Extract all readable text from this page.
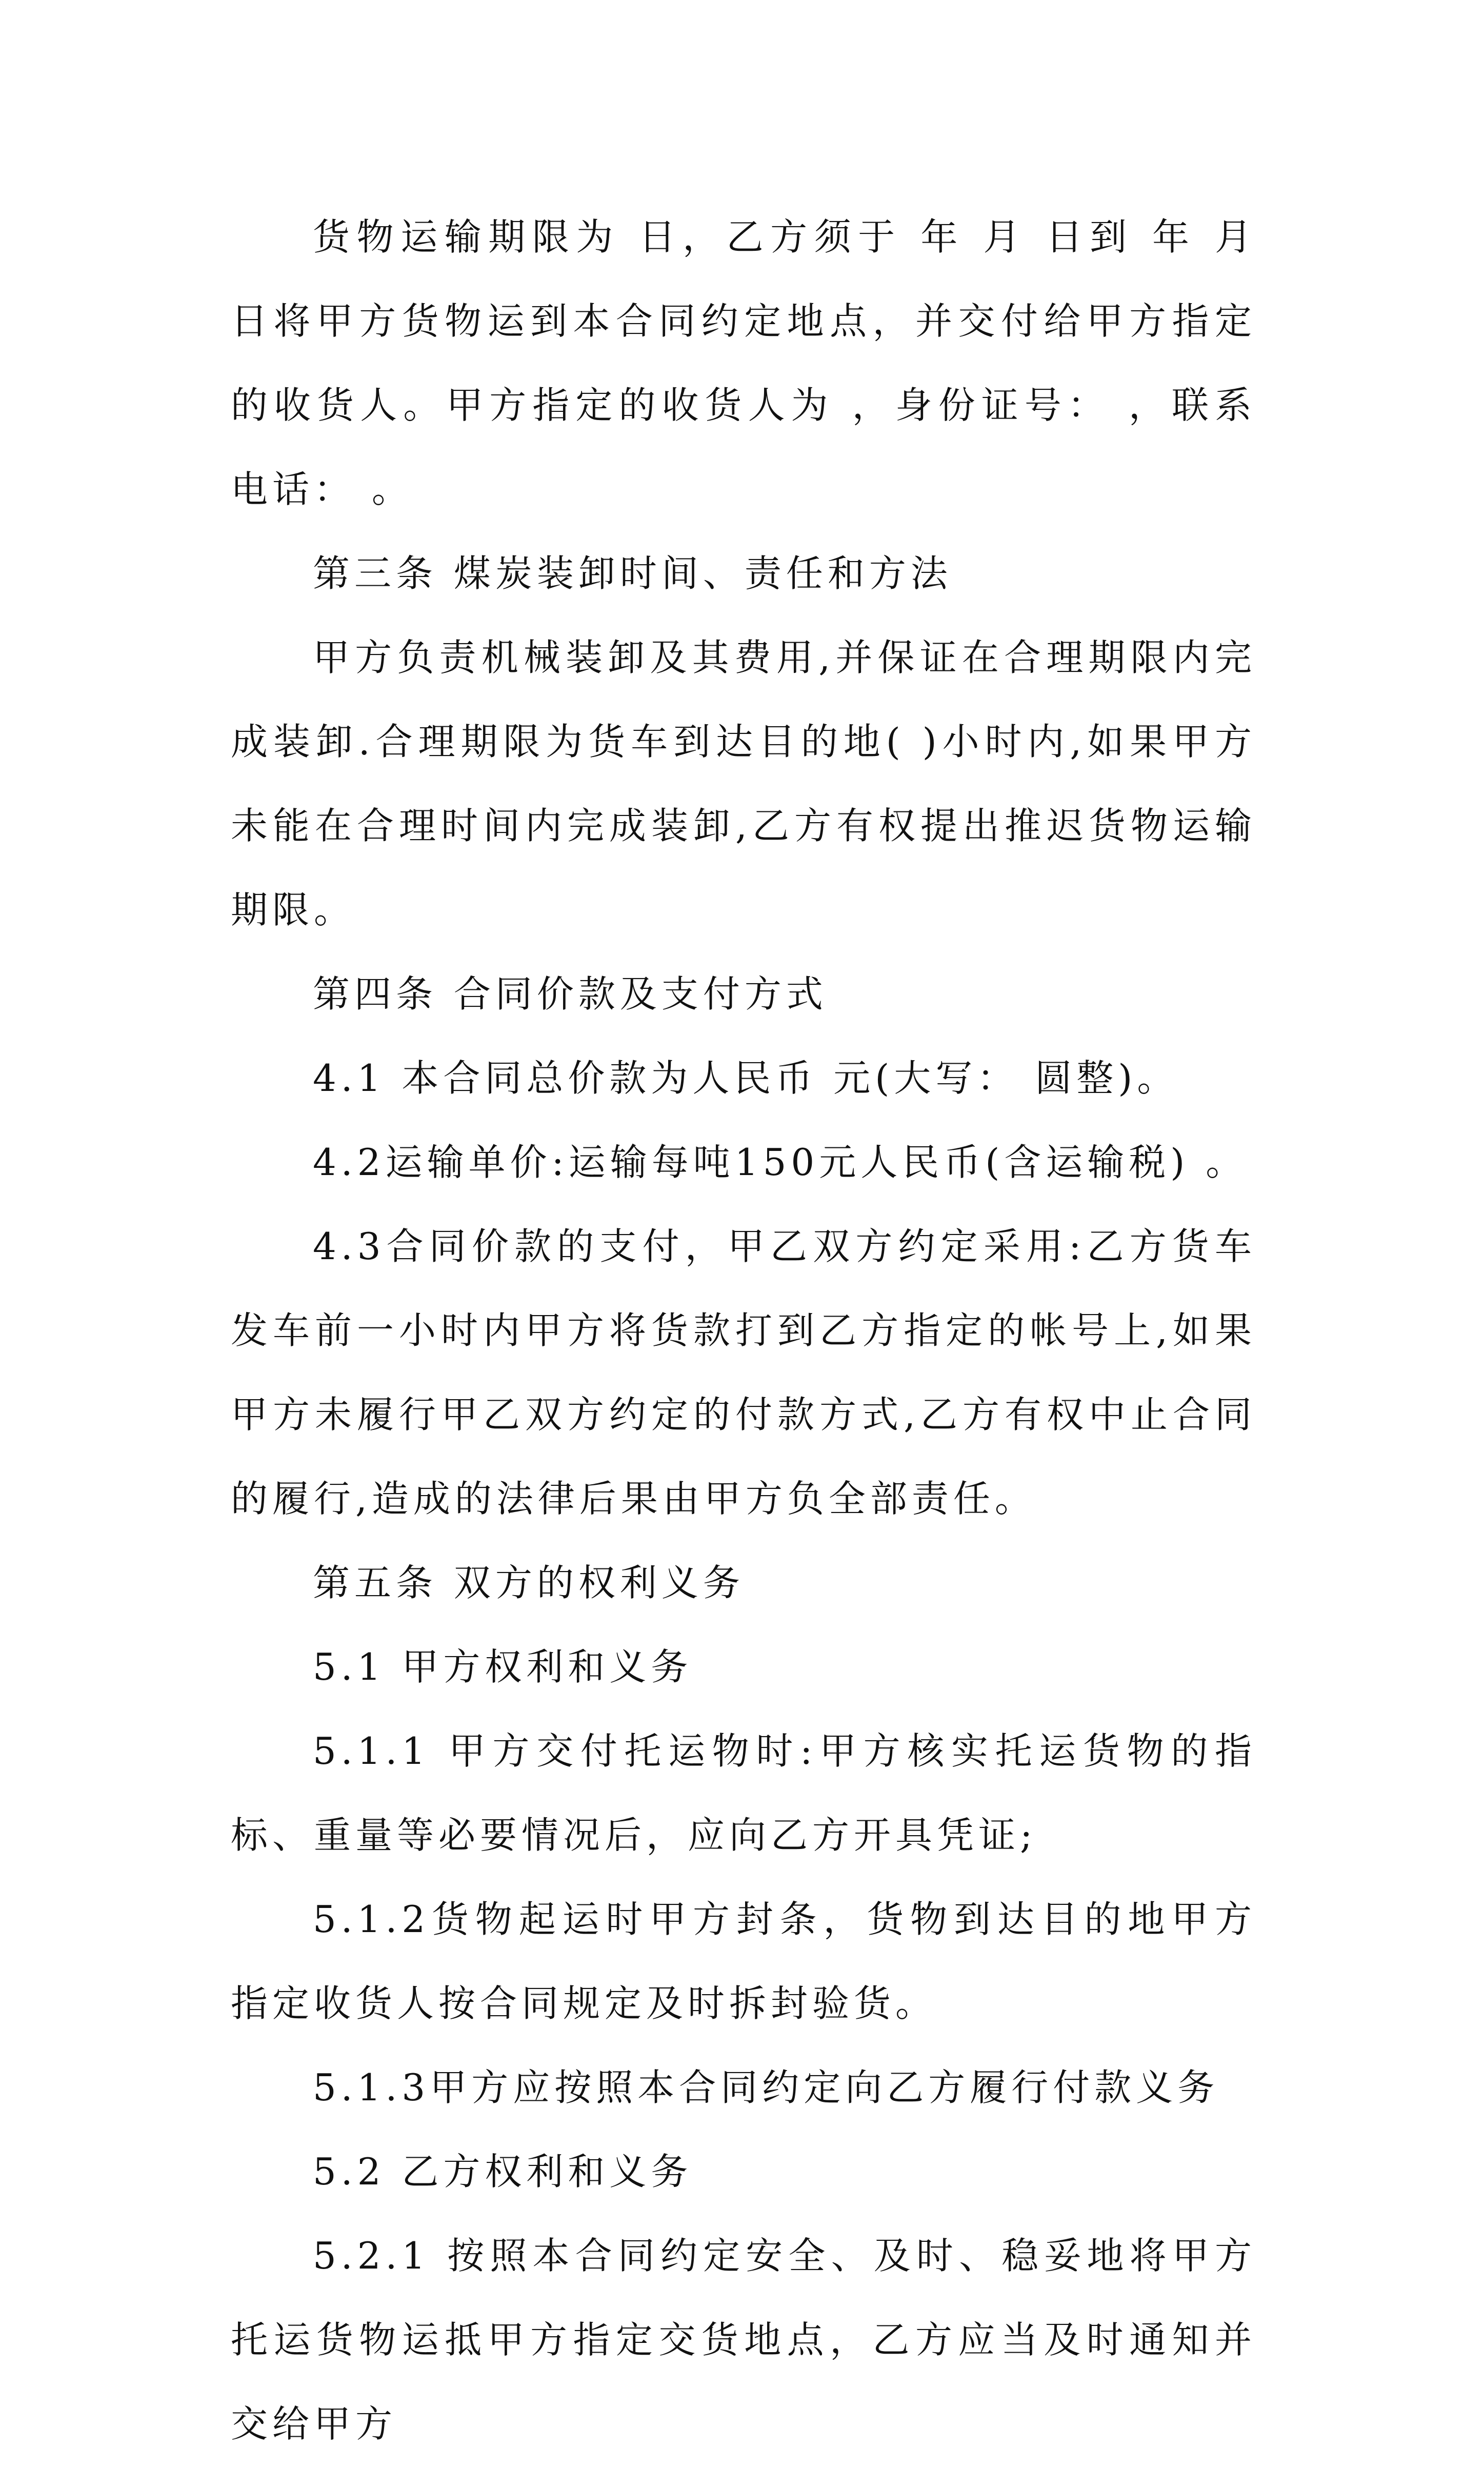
货物运输期限为 日，乙方须于 年 月 日到 年 月 日将甲方货物运到本合同约定地点，并交付给甲方指定的收货人。甲方指定的收货人为 ，身份证号： ，联系电话： 。

第三条 煤炭装卸时间、责任和方法

甲方负责机械装卸及其费用,并保证在合理期限内完成装卸.合理期限为货车到达目的地( )小时内,如果甲方未能在合理时间内完成装卸,乙方有权提出推迟货物运输期限。

第四条 合同价款及支付方式

4.1 本合同总价款为人民币 元(大写： 圆整)。

4.2运输单价:运输每吨150元人民币(含运输税) 。

4.3合同价款的支付，甲乙双方约定采用:乙方货车发车前一小时内甲方将货款打到乙方指定的帐号上,如果甲方未履行甲乙双方约定的付款方式,乙方有权中止合同的履行,造成的法律后果由甲方负全部责任。

第五条 双方的权利义务

5.1 甲方权利和义务

5.1.1 甲方交付托运物时:甲方核实托运货物的指标、重量等必要情况后，应向乙方开具凭证;

5.1.2货物起运时甲方封条，货物到达目的地甲方指定收货人按合同规定及时拆封验货。

5.1.3甲方应按照本合同约定向乙方履行付款义务

5.2 乙方权利和义务

5.2.1 按照本合同约定安全、及时、稳妥地将甲方托运货物运抵甲方指定交货地点，乙方应当及时通知并交给甲方
